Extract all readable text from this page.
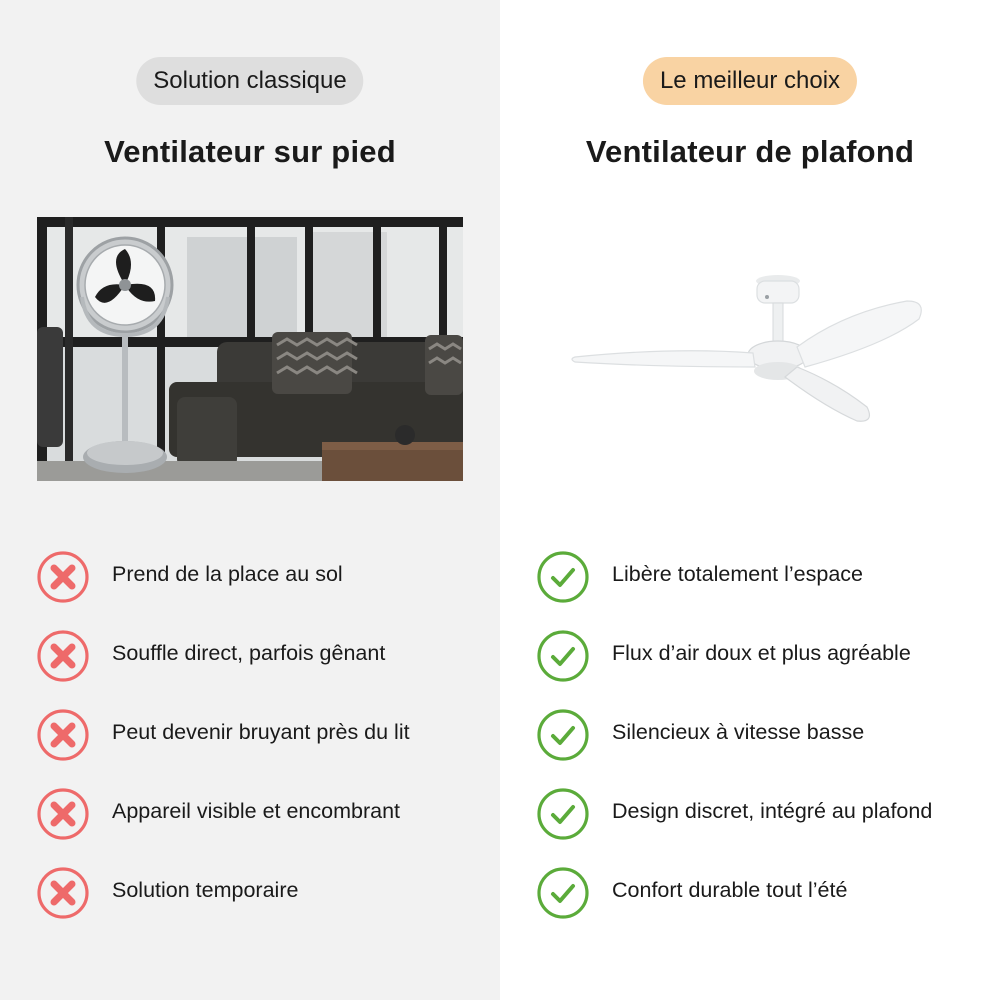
Solution classique
Ventilateur sur pied
Prend de la place au sol
Souffle direct, parfois gênant
Peut devenir bruyant près du lit
Appareil visible et encombrant
Solution temporaire
Le meilleur choix
Ventilateur de plafond
Libère totalement l’espace
Flux d’air doux et plus agréable
Silencieux à vitesse basse
Design discret, intégré au plafond
Confort durable tout l’été
